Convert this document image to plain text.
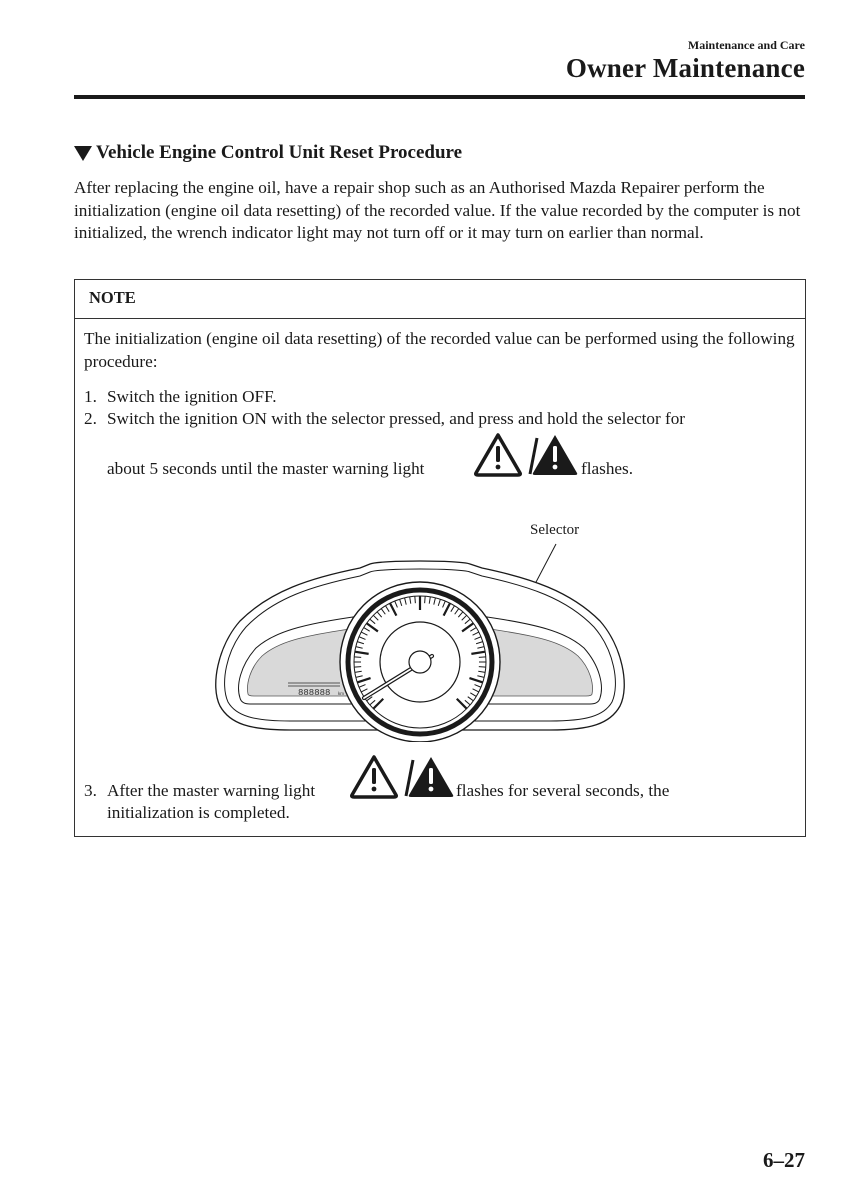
Maintenance and Care
Owner Maintenance
Vehicle Engine Control Unit Reset Procedure

After replacing the engine oil, have a repair shop such as an Authorised Mazda Repairer perform the initialization (engine oil data resetting) of the recorded value. If the value recorded by the computer is not initialized, the wrench indicator light may not turn off or it may turn on earlier than normal.

NOTE

The initialization (engine oil data resetting) of the recorded value can be performed using the following procedure:

1. Switch the ignition OFF.
2. Switch the ignition ON with the selector pressed, and press and hold the selector for
about 5 seconds until the master warning light	flashes.
Selector
888888 km
3. After the master warning light	flashes for several seconds, the
initialization is completed.
6–27
